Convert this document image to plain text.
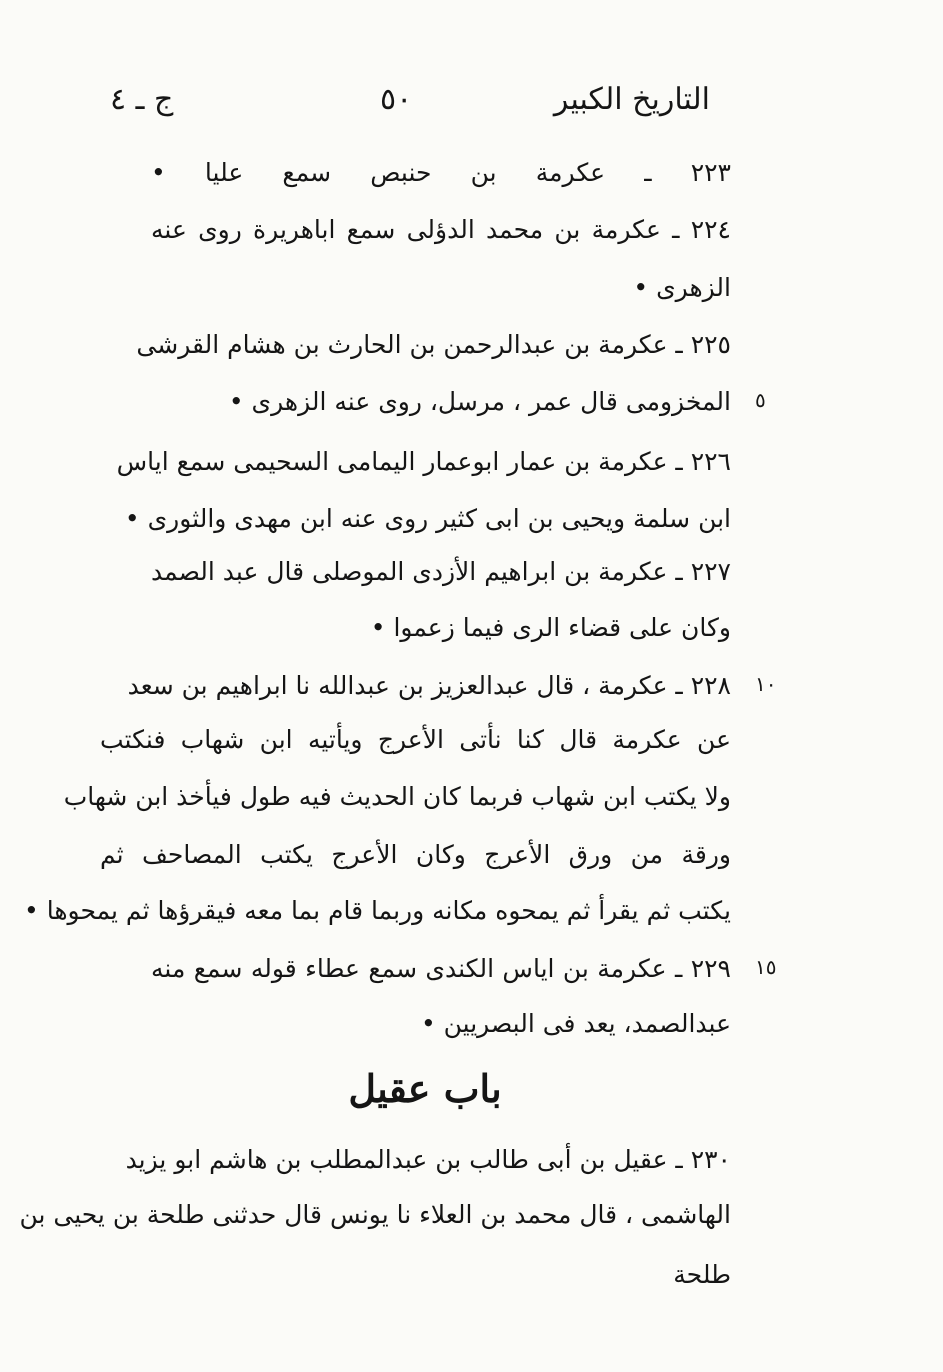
التاريخ الكبير
٥٠
ج ـ ٤
٢٢٣ ـ عكرمة بن حنبص سمع عليا •
٢٢٤ ـ عكرمة بن محمد الدؤلى سمع اباهريرة روى عنه
الزهرى •
٢٢٥ ـ عكرمة بن عبدالرحمن بن الحارث بن هشام القرشى
المخزومى قال عمر ، مرسل، روى عنه الزهرى •
٢٢٦ ـ عكرمة بن عمار ابوعمار اليمامى السحيمى سمع اياس
ابن سلمة ويحيى بن ابى كثير روى عنه ابن مهدى والثورى •
٢٢٧ ـ عكرمة بن ابراهيم الأزدى الموصلى قال عبد الصمد
وكان على قضاء الرى فيما زعموا •
٢٢٨ ـ عكرمة ، قال عبدالعزيز بن عبدالله نا ابراهيم بن سعد
عن عكرمة قال كنا نأتى الأعرج ويأتيه ابن شهاب فنكتب
ولا يكتب ابن شهاب فربما كان الحديث فيه طول فيأخذ ابن شهاب
ورقة من ورق الأعرج وكان الأعرج يكتب المصاحف ثم
يكتب ثم يقرأ ثم يمحوه مكانه وربما قام بما معه فيقرؤها ثم يمحوها •
٢٢٩ ـ عكرمة بن اياس الكندى سمع عطاء قوله سمع منه
عبدالصمد، يعد فى البصريين •
باب عقيل
٢٣٠ ـ عقيل بن أبى طالب بن عبدالمطلب بن هاشم ابو يزيد
الهاشمى ، قال محمد بن العلاء نا يونس قال حدثنى طلحة بن يحيى بن
طلحة
٥
١٠
١٥
